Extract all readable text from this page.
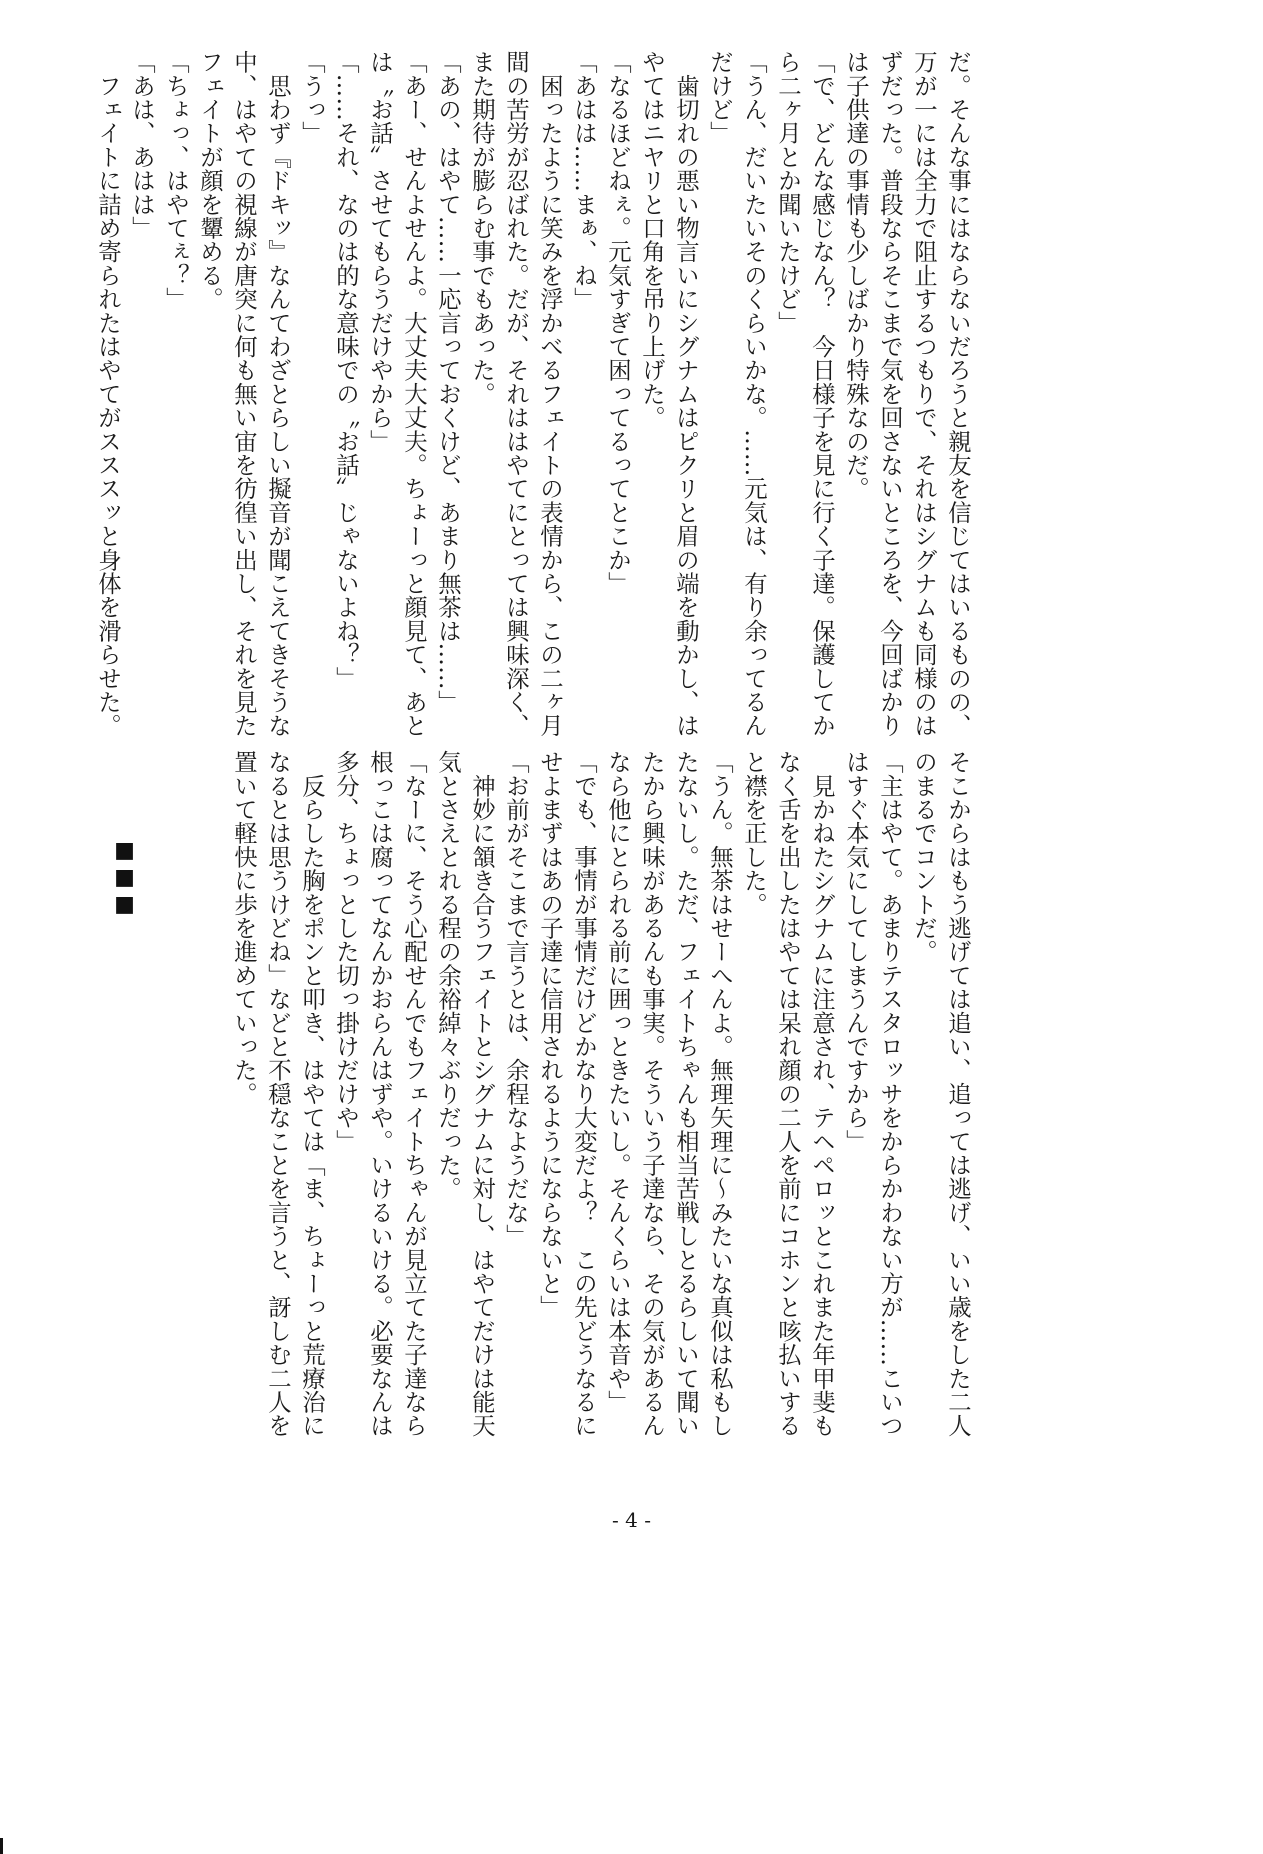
だ。そんな事にはならないだろうと親友を信じてはいるものの、
万が一には全力で阻止するつもりで、それはシグナムも同様のは
ずだった。普段ならそこまで気を回さないところを、今回ばかり
は子供達の事情も少しばかり特殊なのだ。
「で、どんな感じなん？　今日様子を見に行く子達。保護してか
ら二ヶ月とか聞いたけど」
「うん、だいたいそのくらいかな。……元気は、有り余ってるん
だけど」
　歯切れの悪い物言いにシグナムはピクリと眉の端を動かし、は
やてはニヤリと口角を吊り上げた。
「なるほどねぇ。元気すぎて困ってるってとこか」
「あはは……まぁ、ね」
　困ったように笑みを浮かべるフェイトの表情から、この二ヶ月
間の苦労が忍ばれた。だが、それははやてにとっては興味深く、
また期待が膨らむ事でもあった。
「あの、はやて……一応言っておくけど、あまり無茶は……」
「あー、せんよせんよ。大丈夫大丈夫。ちょーっと顔見て、あと
は〝お話〟させてもらうだけやから」
「……それ、なのは的な意味での〝お話〟じゃないよね？」
「うっ」
　思わず『ドキッ』なんてわざとらしい擬音が聞こえてきそうな
中、はやての視線が唐突に何も無い宙を彷徨い出し、それを見た
フェイトが顔を顰める。
「ちょっ、はやてぇ？」
「あは、あはは」
　フェイトに詰め寄られたはやてがスススッと身体を滑らせた。
そこからはもう逃げては追い、追っては逃げ、いい歳をした二人
のまるでコントだ。
「主はやて。あまりテスタロッサをからかわない方が……こいつ
はすぐ本気にしてしまうんですから」
　見かねたシグナムに注意され、テヘペロッとこれまた年甲斐も
なく舌を出したはやては呆れ顔の二人を前にコホンと咳払いする
と襟を正した。
「うん。無茶はせーへんよ。無理矢理に〜みたいな真似は私もし
たないし。ただ、フェイトちゃんも相当苦戦しとるらしいて聞い
たから興味があるんも事実。そういう子達なら、その気があるん
なら他にとられる前に囲っときたいし。そんくらいは本音や」
「でも、事情が事情だけどかなり大変だよ？　この先どうなるに
せよまずはあの子達に信用されるようにならないと」
「お前がそこまで言うとは、余程なようだな」
　神妙に頷き合うフェイトとシグナムに対し、はやてだけは能天
気とさえとれる程の余裕綽々ぶりだった。
「なーに、そう心配せんでもフェイトちゃんが見立てた子達なら
根っこは腐ってなんかおらんはずや。いけるいける。必要なんは
多分、ちょっとした切っ掛けだけや」
　反らした胸をポンと叩き、はやては「ま、ちょーっと荒療治に
なるとは思うけどね」などと不穏なことを言うと、訝しむ二人を
置いて軽快に歩を進めていった。
■■■
- 4 -
